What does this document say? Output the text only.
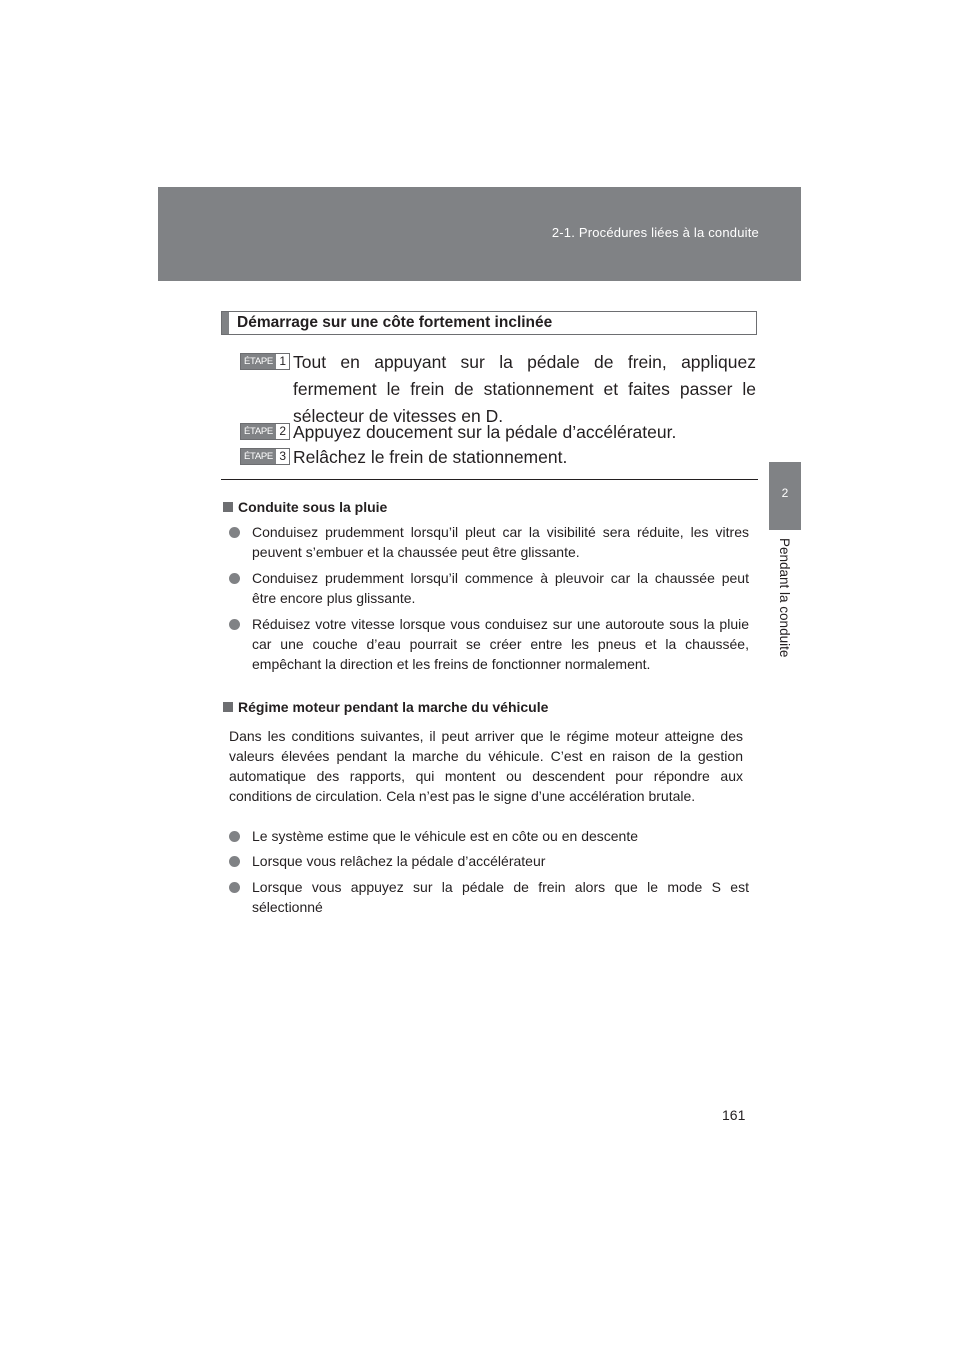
2-1. Procédures liées à la conduite
2
Pendant la conduite
Démarrage sur une côte fortement inclinée
ÉTAPE 1 Tout en appuyant sur la pédale de frein, appliquez fermement le frein de stationnement et faites passer le sélecteur de vitesses en D.
ÉTAPE 2 Appuyez doucement sur la pédale d’accélérateur.
ÉTAPE 3 Relâchez le frein de stationnement.
Conduite sous la pluie
Conduisez prudemment lorsqu’il pleut car la visibilité sera réduite, les vitres peuvent s’embuer et la chaussée peut être glissante.
Conduisez prudemment lorsqu’il commence à pleuvoir car la chaussée peut être encore plus glissante.
Réduisez votre vitesse lorsque vous conduisez sur une autoroute sous la pluie car une couche d’eau pourrait se créer entre les pneus et la chaussée, empêchant la direction et les freins de fonctionner normalement.
Régime moteur pendant la marche du véhicule
Dans les conditions suivantes, il peut arriver que le régime moteur atteigne des valeurs élevées pendant la marche du véhicule. C’est en raison de la gestion automatique des rapports, qui montent ou descendent pour répondre aux conditions de circulation. Cela n’est pas le signe d’une accélération brutale.
Le système estime que le véhicule est en côte ou en descente
Lorsque vous relâchez la pédale d’accélérateur
Lorsque vous appuyez sur la pédale de frein alors que le mode S est sélectionné
161
